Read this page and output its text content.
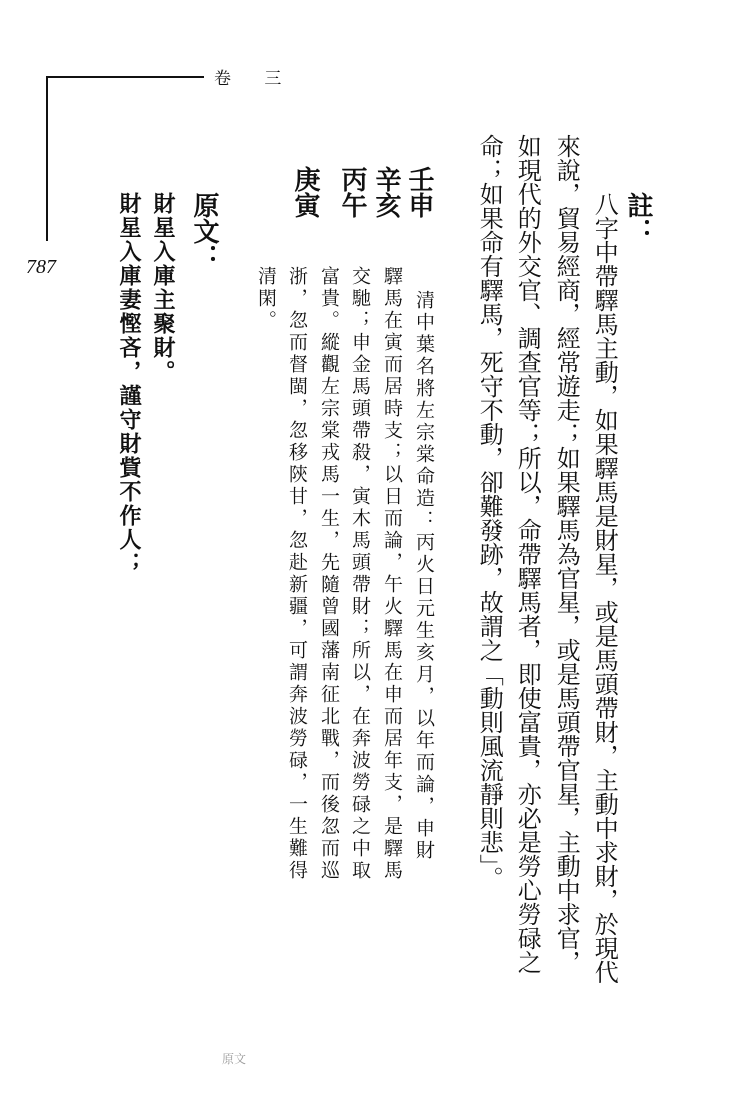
卷 三
787
註：
八字中帶驛馬主動，如果驛馬是財星，或是馬頭帶財，主動中求財，於現代
來說，貿易經商，經常遊走；如果驛馬為官星，或是馬頭帶官星，主動中求官，
如現代的外交官、調查官等；所以，命帶驛馬者，即使富貴，亦必是勞心勞碌之
命；如果命有驛馬，死守不動，卻難發跡，故謂之「動則風流靜則悲」。
壬申
辛亥
丙午
庚寅
清中葉名將左宗棠命造：丙火日元生亥月，以年而論，申財
驛馬在寅而居時支；以日而論，午火驛馬在申而居年支，是驛馬
交馳；申金馬頭帶殺，寅木馬頭帶財；所以，在奔波勞碌之中取
富貴。縱觀左宗棠戎馬一生，先隨曾國藩南征北戰，而後忽而巡
浙，忽而督閩，忽移陝甘，忽赴新疆，可謂奔波勞碌，一生難得
清閑。
原文：
財星入庫主聚財。
財星入庫妻慳吝，謹守財貲不作人；
原文
